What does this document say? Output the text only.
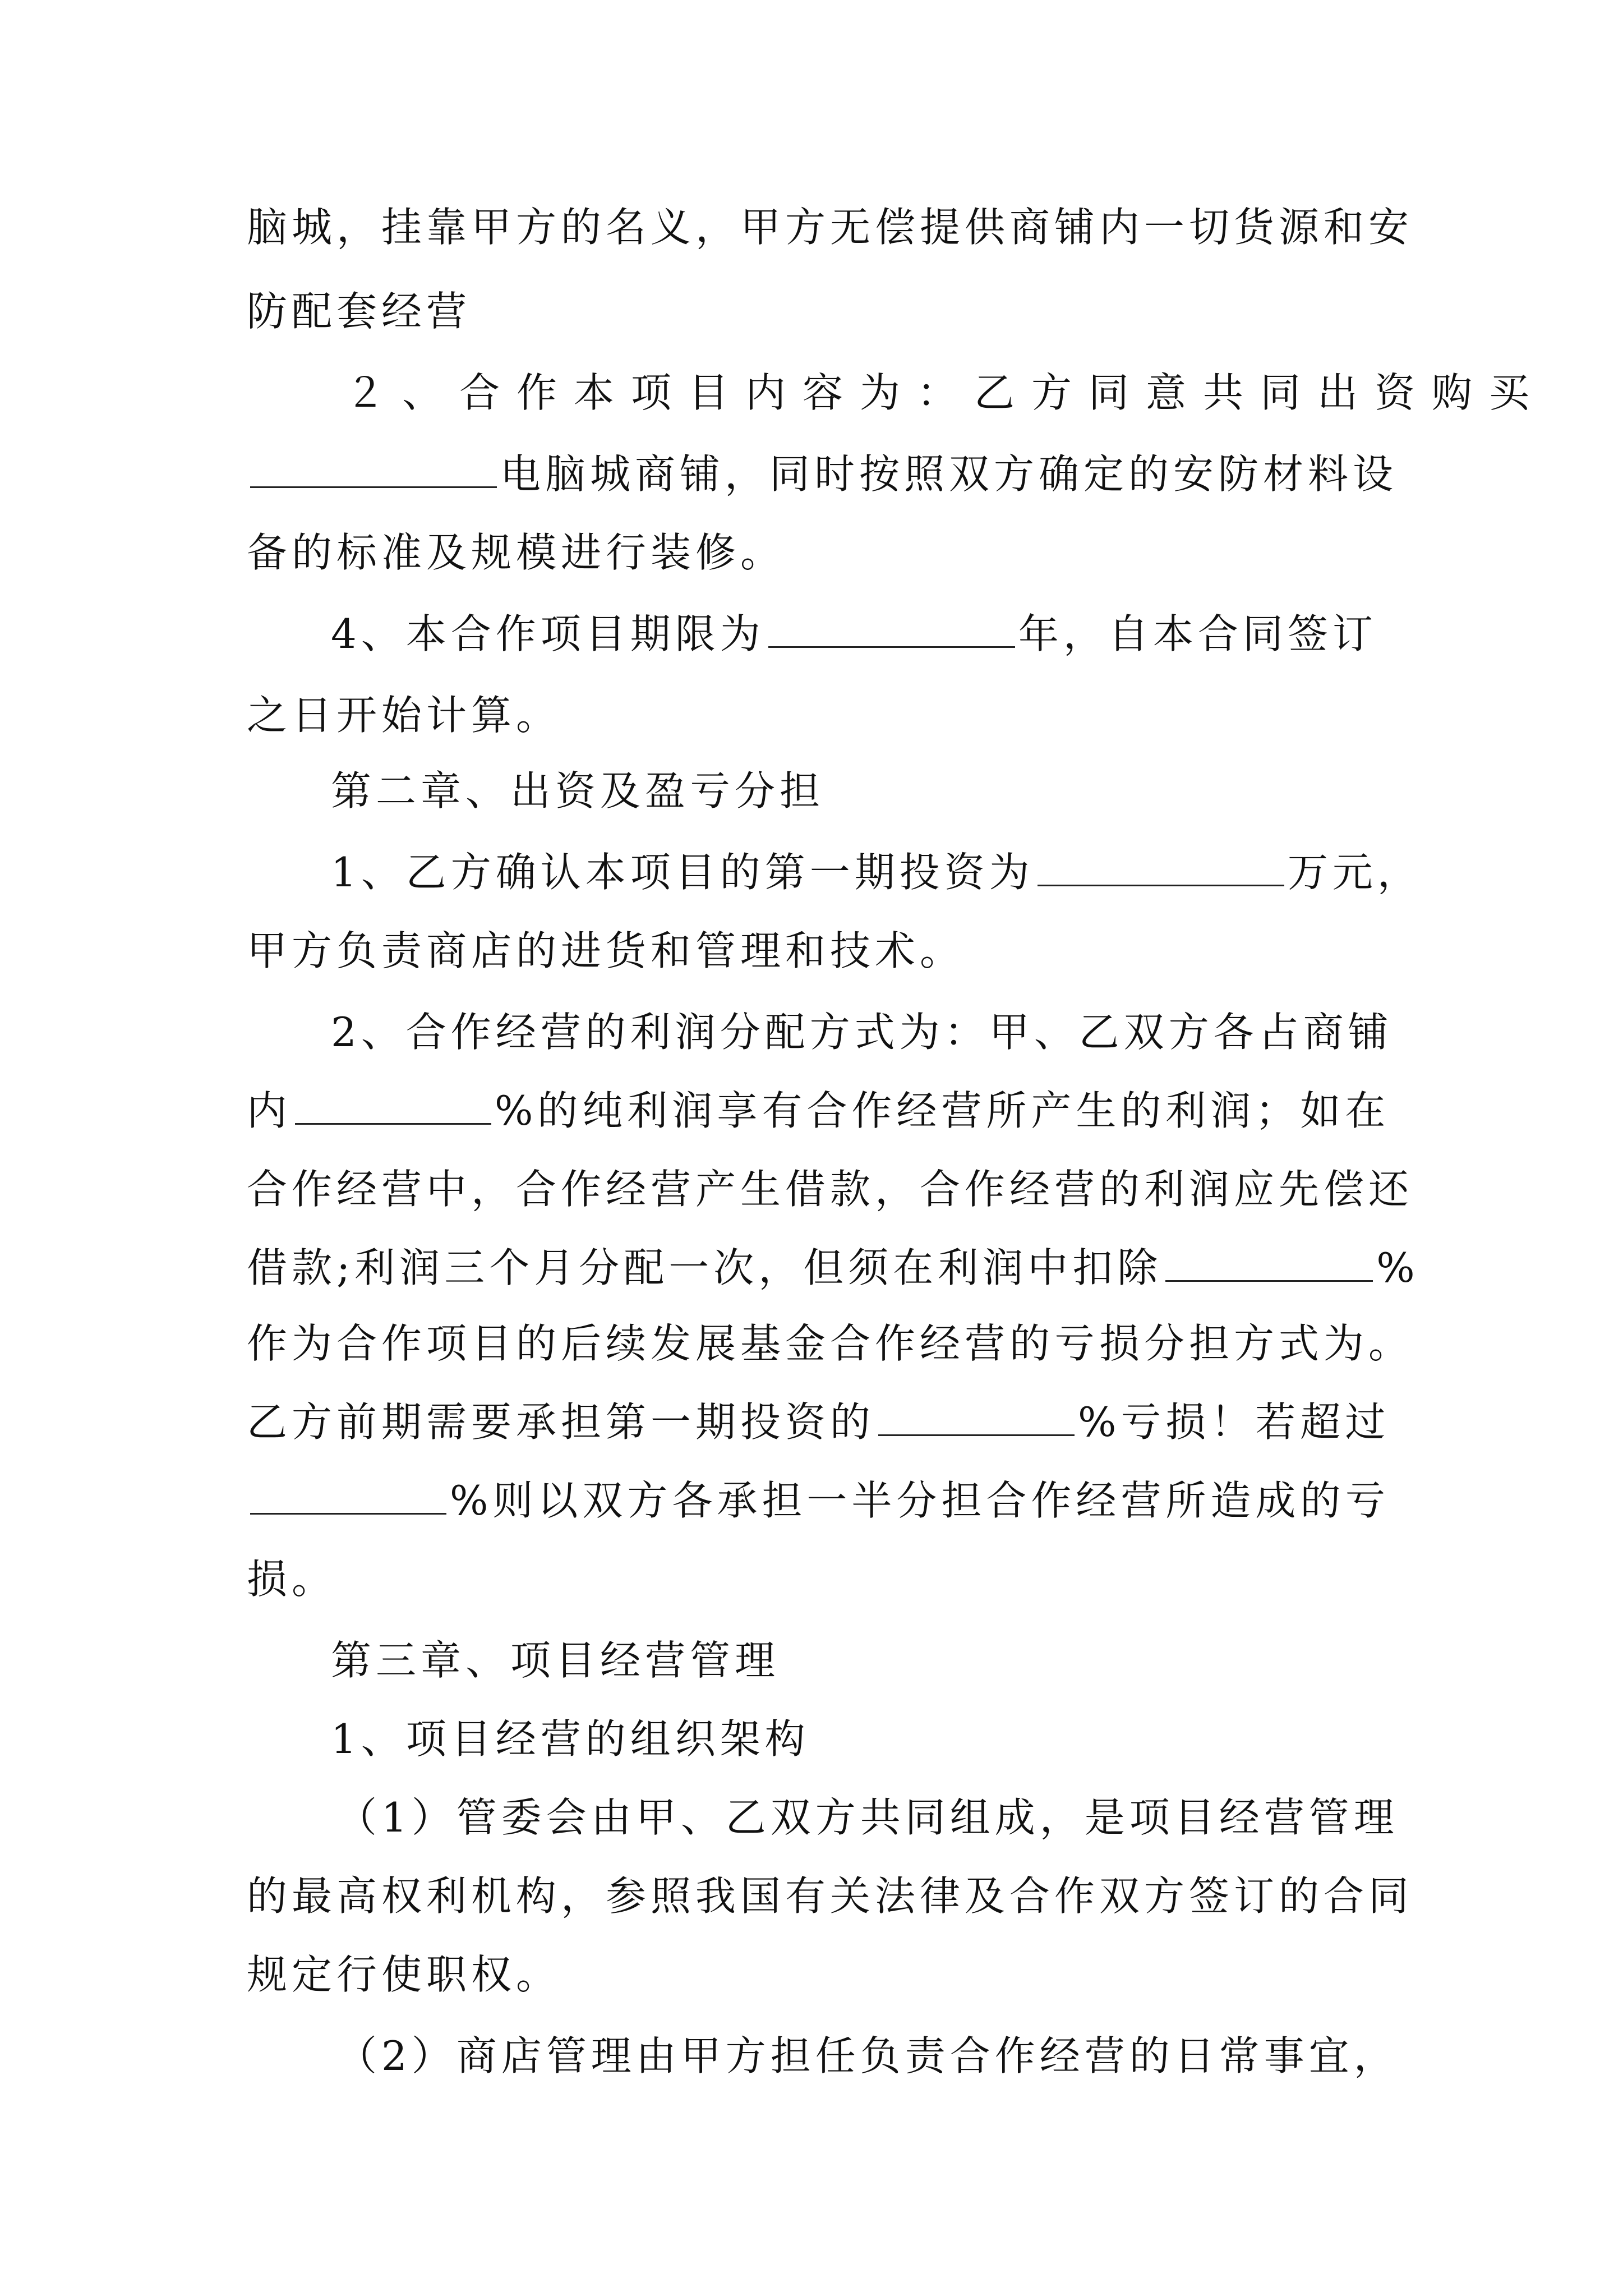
脑城，挂靠甲方的名义，甲方无偿提供商铺内一切货源和安
防配套经营
２、合作本项目内容为：乙方同意共同出资购买
电脑城商铺，同时按照双方确定的安防材料设
备的标准及规模进行装修。
4、本合作项目期限为	年，自本合同签订
之日开始计算。
第二章、出资及盈亏分担
1、乙方确认本项目的第一期投资为	万元，
甲方负责商店的进货和管理和技术。
2、合作经营的利润分配方式为：甲、乙双方各占商铺
内	%的纯利润享有合作经营所产生的利润；如在
合作经营中，合作经营产生借款，合作经营的利润应先偿还
借款;利润三个月分配一次，但须在利润中扣除	%
作为合作项目的后续发展基金合作经营的亏损分担方式为。
乙方前期需要承担第一期投资的	%亏损！若超过
%则以双方各承担一半分担合作经营所造成的亏
损。
第三章、项目经营管理
1、项目经营的组织架构
（1）管委会由甲、乙双方共同组成，是项目经营管理
的最高权利机构，参照我国有关法律及合作双方签订的合同
规定行使职权。
（2）商店管理由甲方担任负责合作经营的日常事宜，
